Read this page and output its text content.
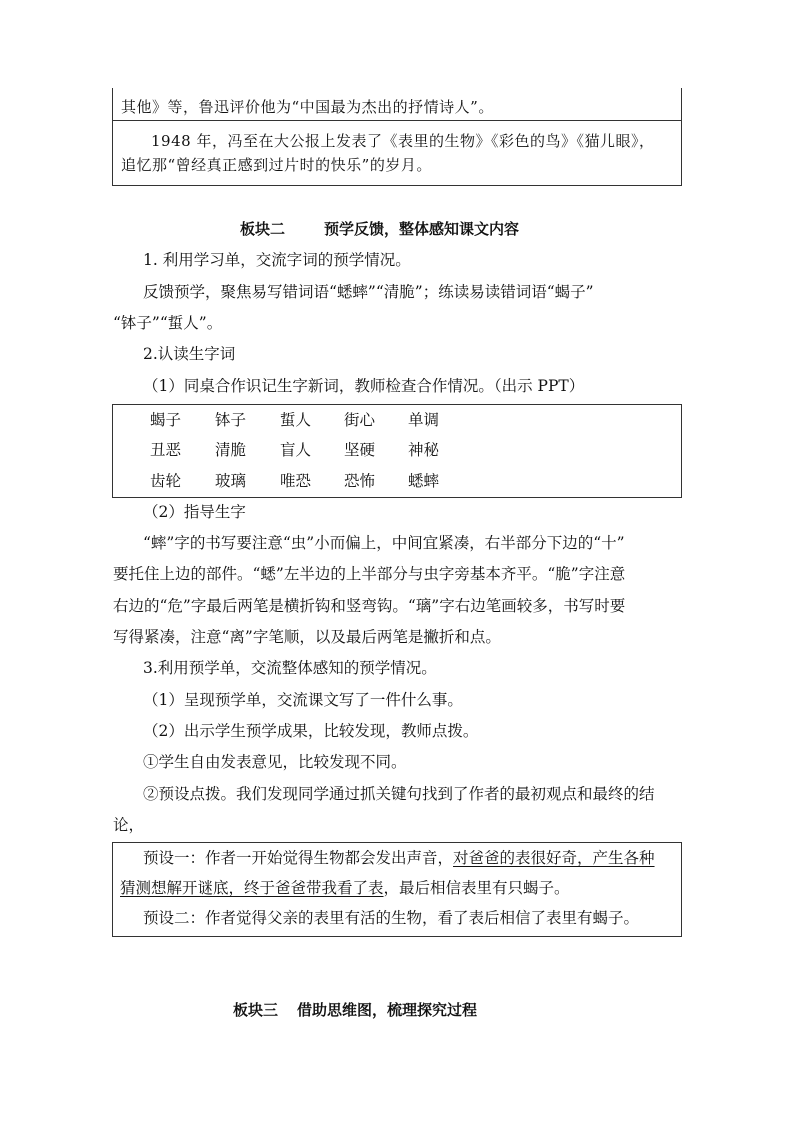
其他》等，鲁迅评价他为“中国最为杰出的抒情诗人”。
1948 年，冯至在大公报上发表了《表里的生物》《彩色的鸟》《猫儿眼》，
追忆那“曾经真正感到过片时的快乐”的岁月。
板块二	预学反馈，整体感知课文内容

1. 利用学习单，交流字词的预学情况。

反馈预学，聚焦易写错词语“蟋蟀”“清脆”；练读易读错词语“蝎子”

“钵子”“蜇人”。

2.认读生字词

（1）同桌合作识记生字新词，教师检查合作情况。（出示 PPT）

蝎子 钵子 蜇人 街心 单调
丑恶 清脆 盲人 坚硬 神秘
齿轮 玻璃 唯恐 恐怖 蟋蟀

（2）指导生字

“蟀”字的书写要注意“虫”小而偏上，中间宜紧凑，右半部分下边的“十”

要托住上边的部件。“蟋”左半边的上半部分与虫字旁基本齐平。“脆”字注意

右边的“危”字最后两笔是横折钩和竖弯钩。“璃”字右边笔画较多，书写时要

写得紧凑，注意“离”字笔顺，以及最后两笔是撇折和点。

3.利用预学单，交流整体感知的预学情况。

（1）呈现预学单，交流课文写了一件什么事。

（2）出示学生预学成果，比较发现，教师点拨。

①学生自由发表意见，比较发现不同。

②预设点拨。我们发现同学通过抓关键句找到了作者的最初观点和最终的结

论，

预设一：作者一开始觉得生物都会发出声音，对爸爸的表很好奇，产生各种

猜测想解开谜底，终于爸爸带我看了表，最后相信表里有只蝎子。

预设二：作者觉得父亲的表里有活的生物，看了表后相信了表里有蝎子。

板块三 借助思维图，梳理探究过程
